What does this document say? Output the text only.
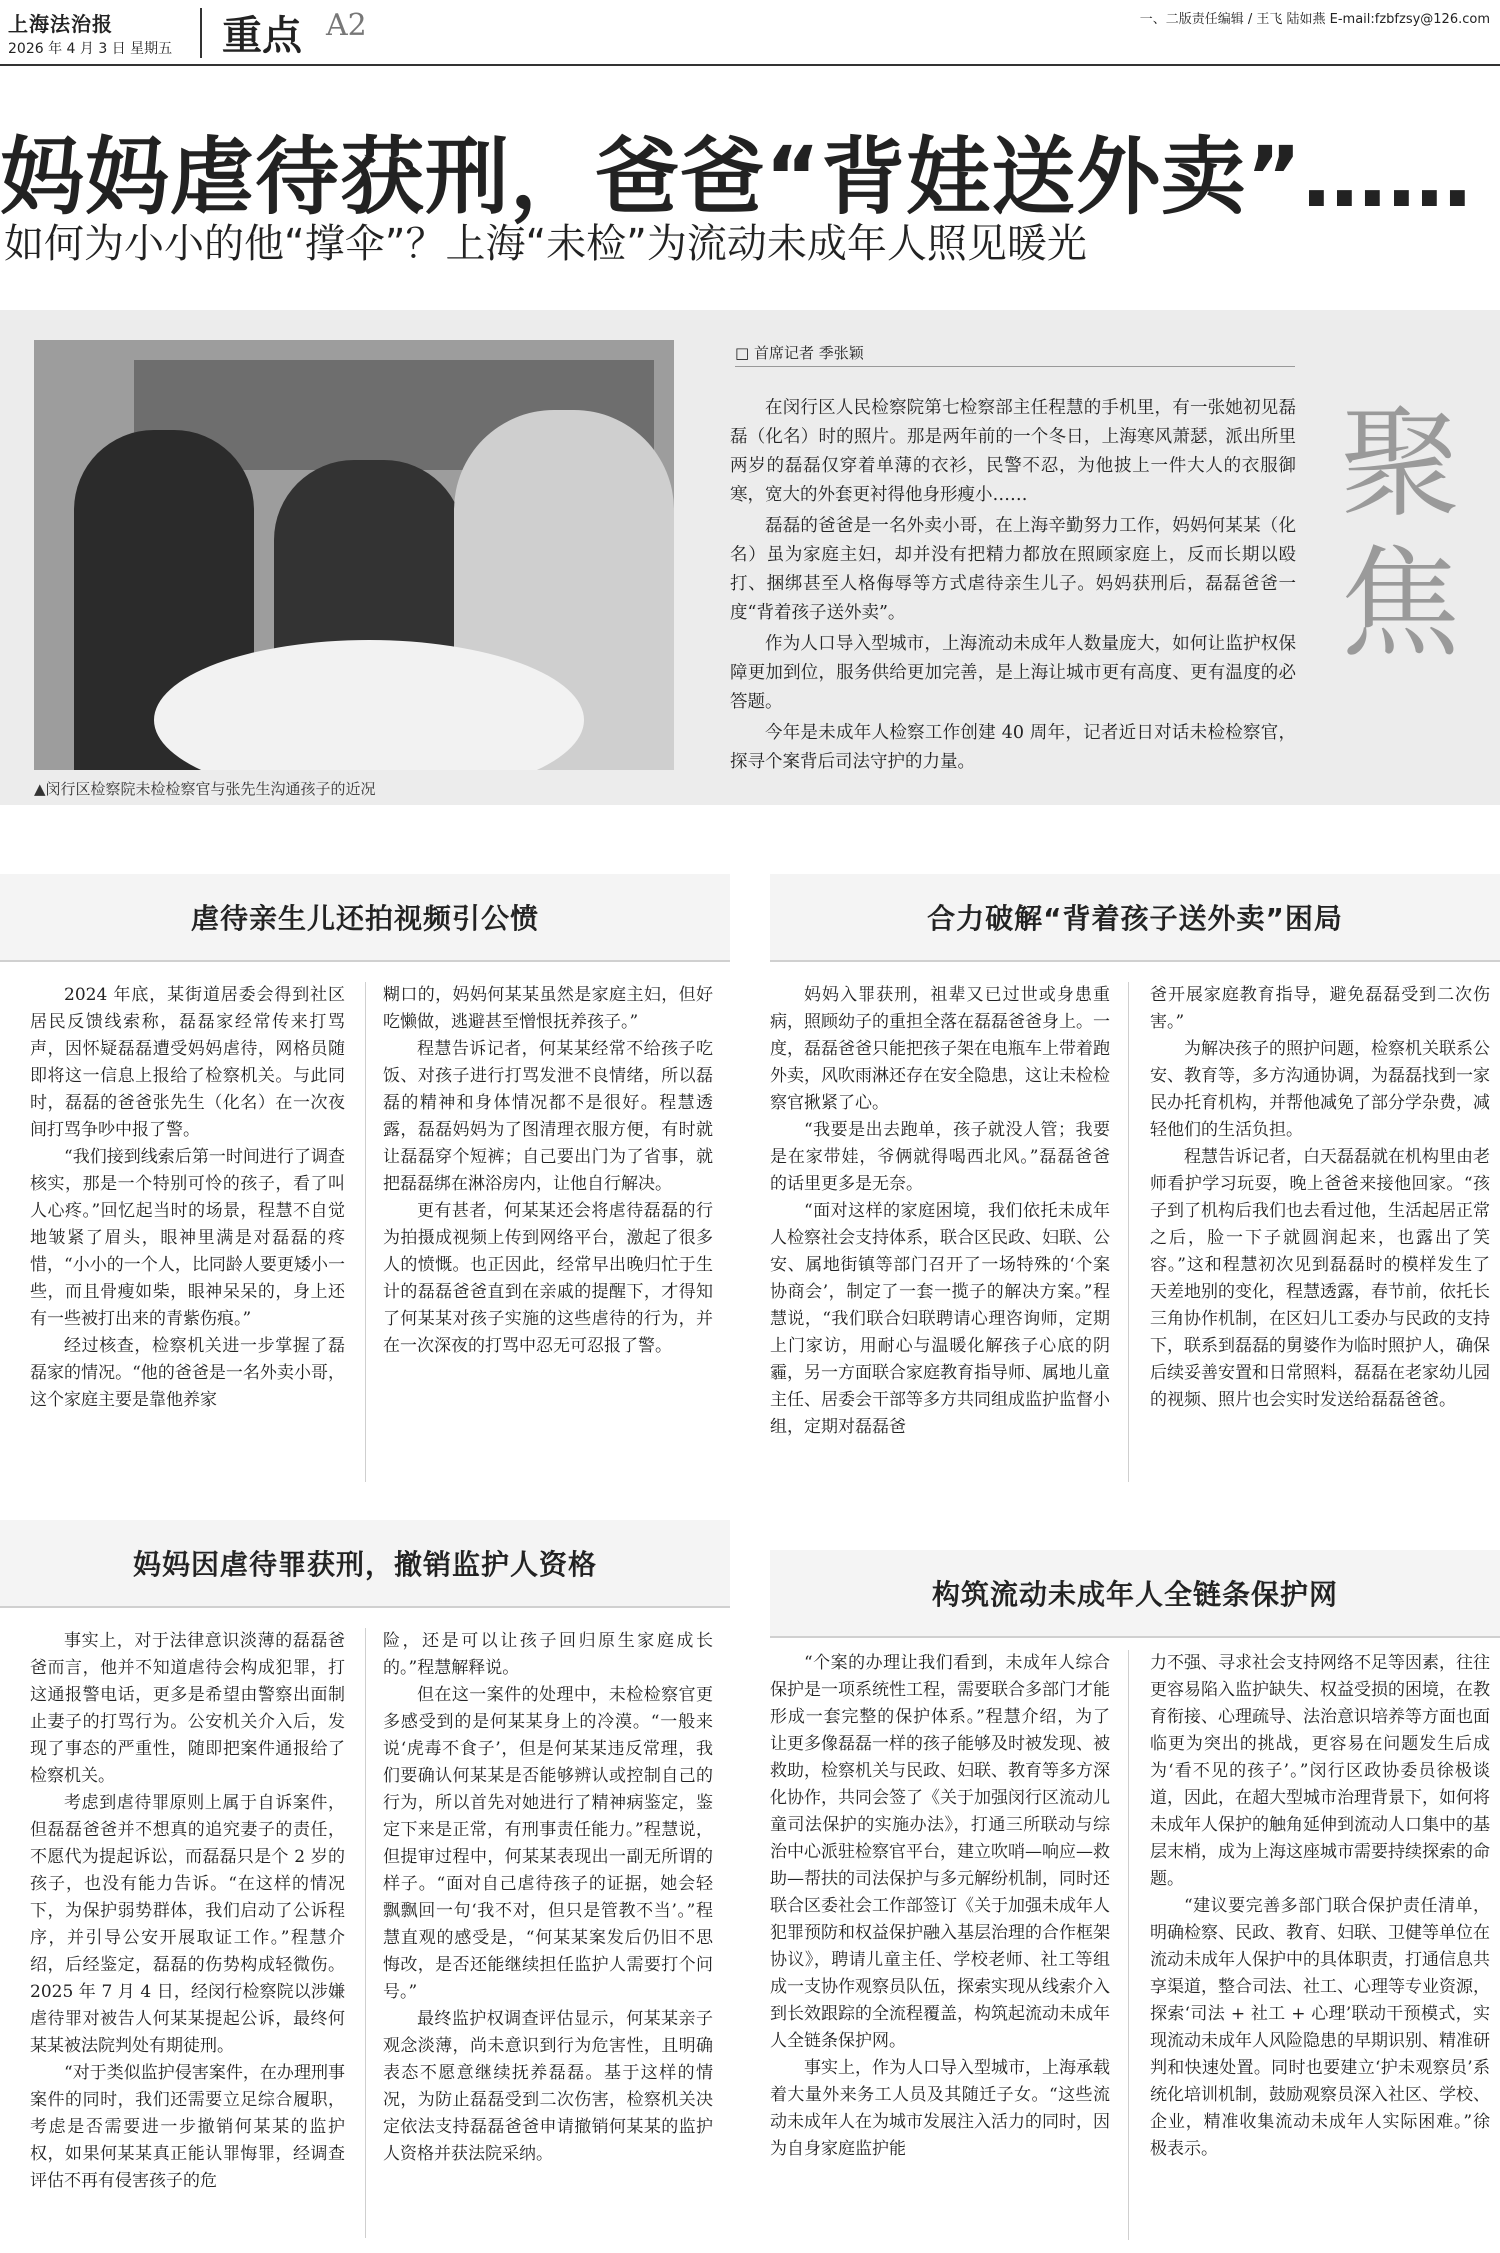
上海法治报
2026 年 4 月 3 日 星期五 重点 A2	一、二版责任编辑 / 王飞 陆如燕 E-mail:fzbfzsy@126.com
妈妈虐待获刑，爸爸“背娃送外卖”……
如何为小小的他“撑伞”？上海“未检”为流动未成年人照见暖光
▲闵行区检察院未检检察官与张先生沟通孩子的近况
□ 首席记者 季张颖

在闵行区人民检察院第七检察部主任程慧的手机里，有一张她初见磊磊（化名）时的照片。那是两年前的一个冬日，上海寒风萧瑟，派出所里两岁的磊磊仅穿着单薄的衣衫，民警不忍，为他披上一件大人的衣服御寒，宽大的外套更衬得他身形瘦小……

磊磊的爸爸是一名外卖小哥，在上海辛勤努力工作，妈妈何某某（化名）虽为家庭主妇，却并没有把精力都放在照顾家庭上，反而长期以殴打、捆绑甚至人格侮辱等方式虐待亲生儿子。妈妈获刑后，磊磊爸爸一度“背着孩子送外卖”。

作为人口导入型城市，上海流动未成年人数量庞大，如何让监护权保障更加到位，服务供给更加完善，是上海让城市更有高度、更有温度的必答题。

今年是未成年人检察工作创建 40 周年，记者近日对话未检检察官，探寻个案背后司法守护的力量。

聚
焦
虐待亲生儿还拍视频引公愤

2024 年底，某街道居委会得到社区居民反馈线索称，磊磊家经常传来打骂声，因怀疑磊磊遭受妈妈虐待，网格员随即将这一信息上报给了检察机关。与此同时，磊磊的爸爸张先生（化名）在一次夜间打骂争吵中报了警。

“我们接到线索后第一时间进行了调查核实，那是一个特别可怜的孩子，看了叫人心疼。”回忆起当时的场景，程慧不自觉地皱紧了眉头，眼神里满是对磊磊的疼惜，“小小的一个人，比同龄人要更矮小一些，而且骨瘦如柴，眼神呆呆的，身上还有一些被打出来的青紫伤痕。”

经过核查，检察机关进一步掌握了磊磊家的情况。“他的爸爸是一名外卖小哥，这个家庭主要是靠他养家

糊口的，妈妈何某某虽然是家庭主妇，但好吃懒做，逃避甚至憎恨抚养孩子。”

程慧告诉记者，何某某经常不给孩子吃饭、对孩子进行打骂发泄不良情绪，所以磊磊的精神和身体情况都不是很好。程慧透露，磊磊妈妈为了图清理衣服方便，有时就让磊磊穿个短裤；自己要出门为了省事，就把磊磊绑在淋浴房内，让他自行解决。

更有甚者，何某某还会将虐待磊磊的行为拍摄成视频上传到网络平台，激起了很多人的愤慨。也正因此，经常早出晚归忙于生计的磊磊爸爸直到在亲戚的提醒下，才得知了何某某对孩子实施的这些虐待的行为，并在一次深夜的打骂中忍无可忍报了警。

合力破解“背着孩子送外卖”困局

妈妈入罪获刑，祖辈又已过世或身患重病，照顾幼子的重担全落在磊磊爸爸身上。一度，磊磊爸爸只能把孩子架在电瓶车上带着跑外卖，风吹雨淋还存在安全隐患，这让未检检察官揪紧了心。

“我要是出去跑单，孩子就没人管；我要是在家带娃，爷俩就得喝西北风。”磊磊爸爸的话里更多是无奈。

“面对这样的家庭困境，我们依托未成年人检察社会支持体系，联合区民政、妇联、公安、属地街镇等部门召开了一场特殊的‘个案协商会’，制定了一套一揽子的解决方案。”程慧说，“我们联合妇联聘请心理咨询师，定期上门家访，用耐心与温暖化解孩子心底的阴霾，另一方面联合家庭教育指导师、属地儿童主任、居委会干部等多方共同组成监护监督小组，定期对磊磊爸

爸开展家庭教育指导，避免磊磊受到二次伤害。”

为解决孩子的照护问题，检察机关联系公安、教育等，多方沟通协调，为磊磊找到一家民办托育机构，并帮他减免了部分学杂费，减轻他们的生活负担。

程慧告诉记者，白天磊磊就在机构里由老师看护学习玩耍，晚上爸爸来接他回家。“孩子到了机构后我们也去看过他，生活起居正常之后，脸一下子就圆润起来，也露出了笑容。”这和程慧初次见到磊磊时的模样发生了天差地别的变化，程慧透露，春节前，依托长三角协作机制，在区妇儿工委办与民政的支持下，联系到磊磊的舅婆作为临时照护人，确保后续妥善安置和日常照料，磊磊在老家幼儿园的视频、照片也会实时发送给磊磊爸爸。

妈妈因虐待罪获刑，撤销监护人资格

事实上，对于法律意识淡薄的磊磊爸爸而言，他并不知道虐待会构成犯罪，打这通报警电话，更多是希望由警察出面制止妻子的打骂行为。公安机关介入后，发现了事态的严重性，随即把案件通报给了检察机关。

考虑到虐待罪原则上属于自诉案件，但磊磊爸爸并不想真的追究妻子的责任，不愿代为提起诉讼，而磊磊只是个 2 岁的孩子，也没有能力告诉。“在这样的情况下，为保护弱势群体，我们启动了公诉程序，并引导公安开展取证工作。”程慧介绍，后经鉴定，磊磊的伤势构成轻微伤。2025 年 7 月 4 日，经闵行检察院以涉嫌虐待罪对被告人何某某提起公诉，最终何某某被法院判处有期徒刑。

“对于类似监护侵害案件，在办理刑事案件的同时，我们还需要立足综合履职，考虑是否需要进一步撤销何某某的监护权，如果何某某真正能认罪悔罪，经调查评估不再有侵害孩子的危

险，还是可以让孩子回归原生家庭成长的。”程慧解释说。

但在这一案件的处理中，未检检察官更多感受到的是何某某身上的冷漠。“一般来说‘虎毒不食子’，但是何某某违反常理，我们要确认何某某是否能够辨认或控制自己的行为，所以首先对她进行了精神病鉴定，鉴定下来是正常，有刑事责任能力。”程慧说，但提审过程中，何某某表现出一副无所谓的样子。“面对自己虐待孩子的证据，她会轻飘飘回一句‘我不对，但只是管教不当’。”程慧直观的感受是，“何某某案发后仍旧不思悔改，是否还能继续担任监护人需要打个问号。”

最终监护权调查评估显示，何某某亲子观念淡薄，尚未意识到行为危害性，且明确表态不愿意继续抚养磊磊。基于这样的情况，为防止磊磊受到二次伤害，检察机关决定依法支持磊磊爸爸申请撤销何某某的监护人资格并获法院采纳。

构筑流动未成年人全链条保护网

“个案的办理让我们看到，未成年人综合保护是一项系统性工程，需要联合多部门才能形成一套完整的保护体系。”程慧介绍，为了让更多像磊磊一样的孩子能够及时被发现、被救助，检察机关与民政、妇联、教育等多方深化协作，共同会签了《关于加强闵行区流动儿童司法保护的实施办法》，打通三所联动与综治中心派驻检察官平台，建立吹哨—响应—救助—帮扶的司法保护与多元解纷机制，同时还联合区委社会工作部签订《关于加强未成年人犯罪预防和权益保护融入基层治理的合作框架协议》，聘请儿童主任、学校老师、社工等组成一支协作观察员队伍，探索实现从线索介入到长效跟踪的全流程覆盖，构筑起流动未成年人全链条保护网。

事实上，作为人口导入型城市，上海承载着大量外来务工人员及其随迁子女。“这些流动未成年人在为城市发展注入活力的同时，因为自身家庭监护能

力不强、寻求社会支持网络不足等因素，往往更容易陷入监护缺失、权益受损的困境，在教育衔接、心理疏导、法治意识培养等方面也面临更为突出的挑战，更容易在问题发生后成为‘看不见的孩子’。”闵行区政协委员徐极谈道，因此，在超大型城市治理背景下，如何将未成年人保护的触角延伸到流动人口集中的基层末梢，成为上海这座城市需要持续探索的命题。

“建议要完善多部门联合保护责任清单，明确检察、民政、教育、妇联、卫健等单位在流动未成年人保护中的具体职责，打通信息共享渠道，整合司法、社工、心理等专业资源，探索‘司法 + 社工 + 心理’联动干预模式，实现流动未成年人风险隐患的早期识别、精准研判和快速处置。同时也要建立‘护未观察员’系统化培训机制，鼓励观察员深入社区、学校、企业，精准收集流动未成年人实际困难。”徐极表示。
